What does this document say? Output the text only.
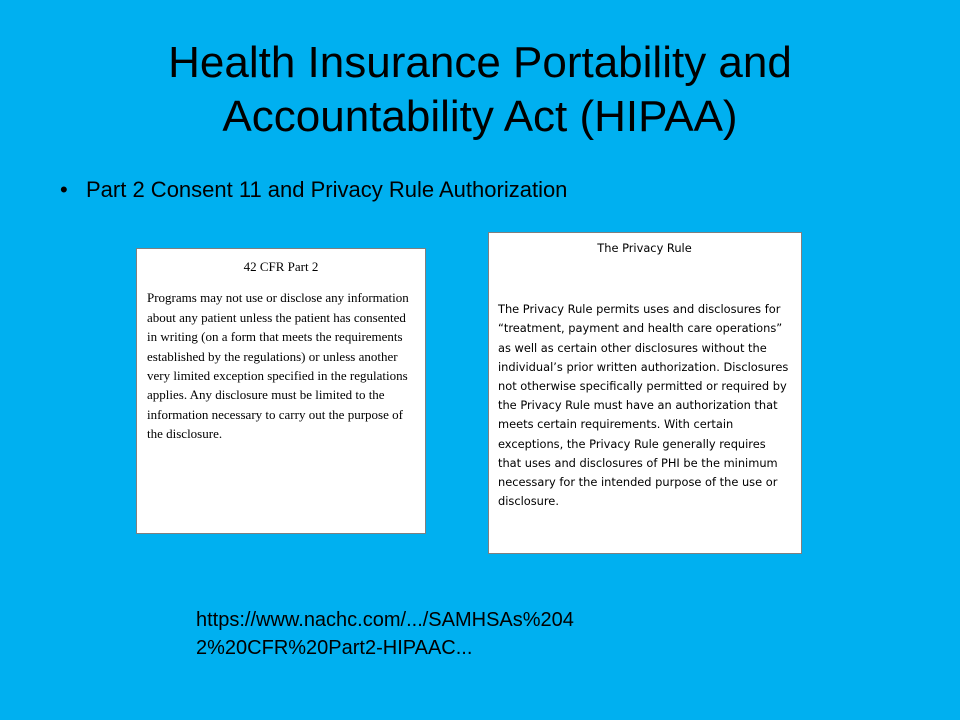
Health Insurance Portability and Accountability Act (HIPAA)
• Part 2 Consent 11 and Privacy Rule Authorization
42 CFR Part 2

Programs may not use or disclose any information about any patient unless the patient has consented in writing (on a form that meets the requirements established by the regulations) or unless another very limited exception specified in the regulations applies. Any disclosure must be limited to the information necessary to carry out the purpose of the disclosure.

The Privacy Rule

The Privacy Rule permits uses and disclosures for “treatment, payment and health care operations” as well as certain other disclosures without the individual’s prior written authorization. Disclosures not otherwise specifically permitted or required by the Privacy Rule must have an authorization that meets certain requirements. With certain exceptions, the Privacy Rule generally requires that uses and disclosures of PHI be the minimum necessary for the intended purpose of the use or disclosure.

https://www.nachc.com/.../SAMHSAs%204
2%20CFR%20Part2-HIPAAC...
